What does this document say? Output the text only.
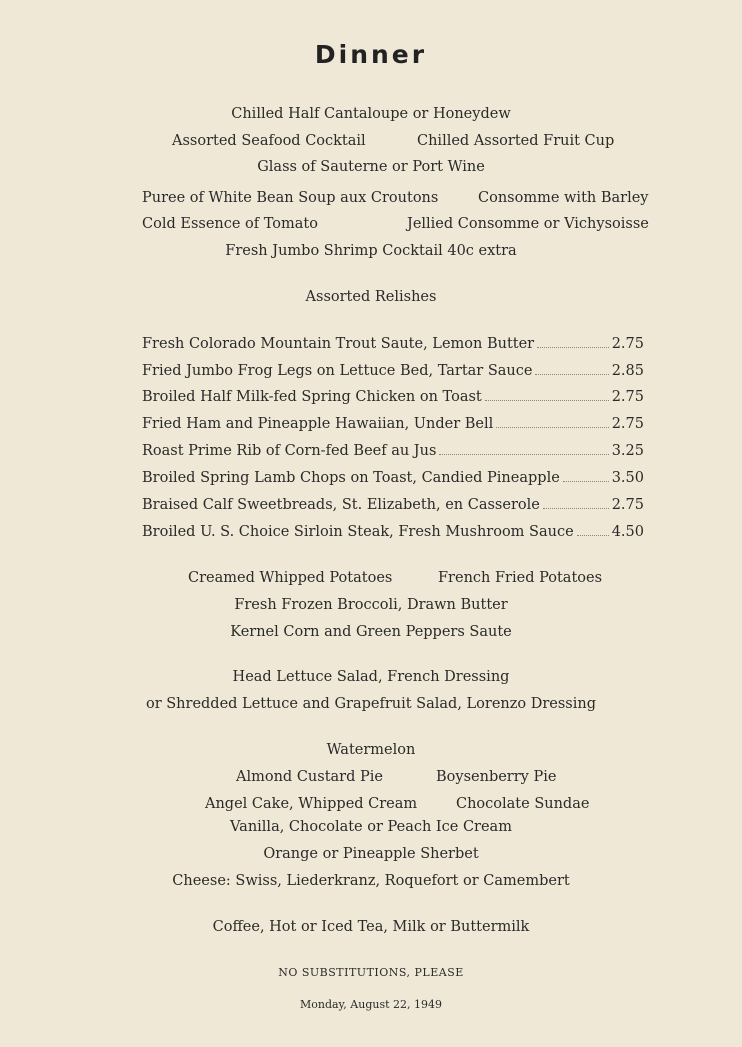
Dinner
Chilled Half Cantaloupe or Honeydew
Assorted Seafood Cocktail	Chilled Assorted Fruit Cup
Glass of Sauterne or Port Wine
Puree of White Bean Soup aux Croutons	Consomme with Barley
Cold Essence of Tomato	Jellied Consomme or Vichysoisse
Fresh Jumbo Shrimp Cocktail 40c extra
Assorted Relishes
Fresh Colorado Mountain Trout Saute, Lemon Butter	2.75
Fried Jumbo Frog Legs on Lettuce Bed, Tartar Sauce	2.85
Broiled Half Milk-fed Spring Chicken on Toast	2.75
Fried Ham and Pineapple Hawaiian, Under Bell	2.75
Roast Prime Rib of Corn-fed Beef au Jus	3.25
Broiled Spring Lamb Chops on Toast, Candied Pineapple	3.50
Braised Calf Sweetbreads, St. Elizabeth, en Casserole	2.75
Broiled U. S. Choice Sirloin Steak, Fresh Mushroom Sauce	4.50
Creamed Whipped Potatoes	French Fried Potatoes
Fresh Frozen Broccoli, Drawn Butter
Kernel Corn and Green Peppers Saute
Head Lettuce Salad, French Dressing
or Shredded Lettuce and Grapefruit Salad, Lorenzo Dressing
Watermelon
Almond Custard Pie	Boysenberry Pie
Angel Cake, Whipped Cream	Chocolate Sundae
Vanilla, Chocolate or Peach Ice Cream
Orange or Pineapple Sherbet
Cheese: Swiss, Liederkranz, Roquefort or Camembert
Coffee, Hot or Iced Tea, Milk or Buttermilk
NO SUBSTITUTIONS, PLEASE
Monday, August 22, 1949
